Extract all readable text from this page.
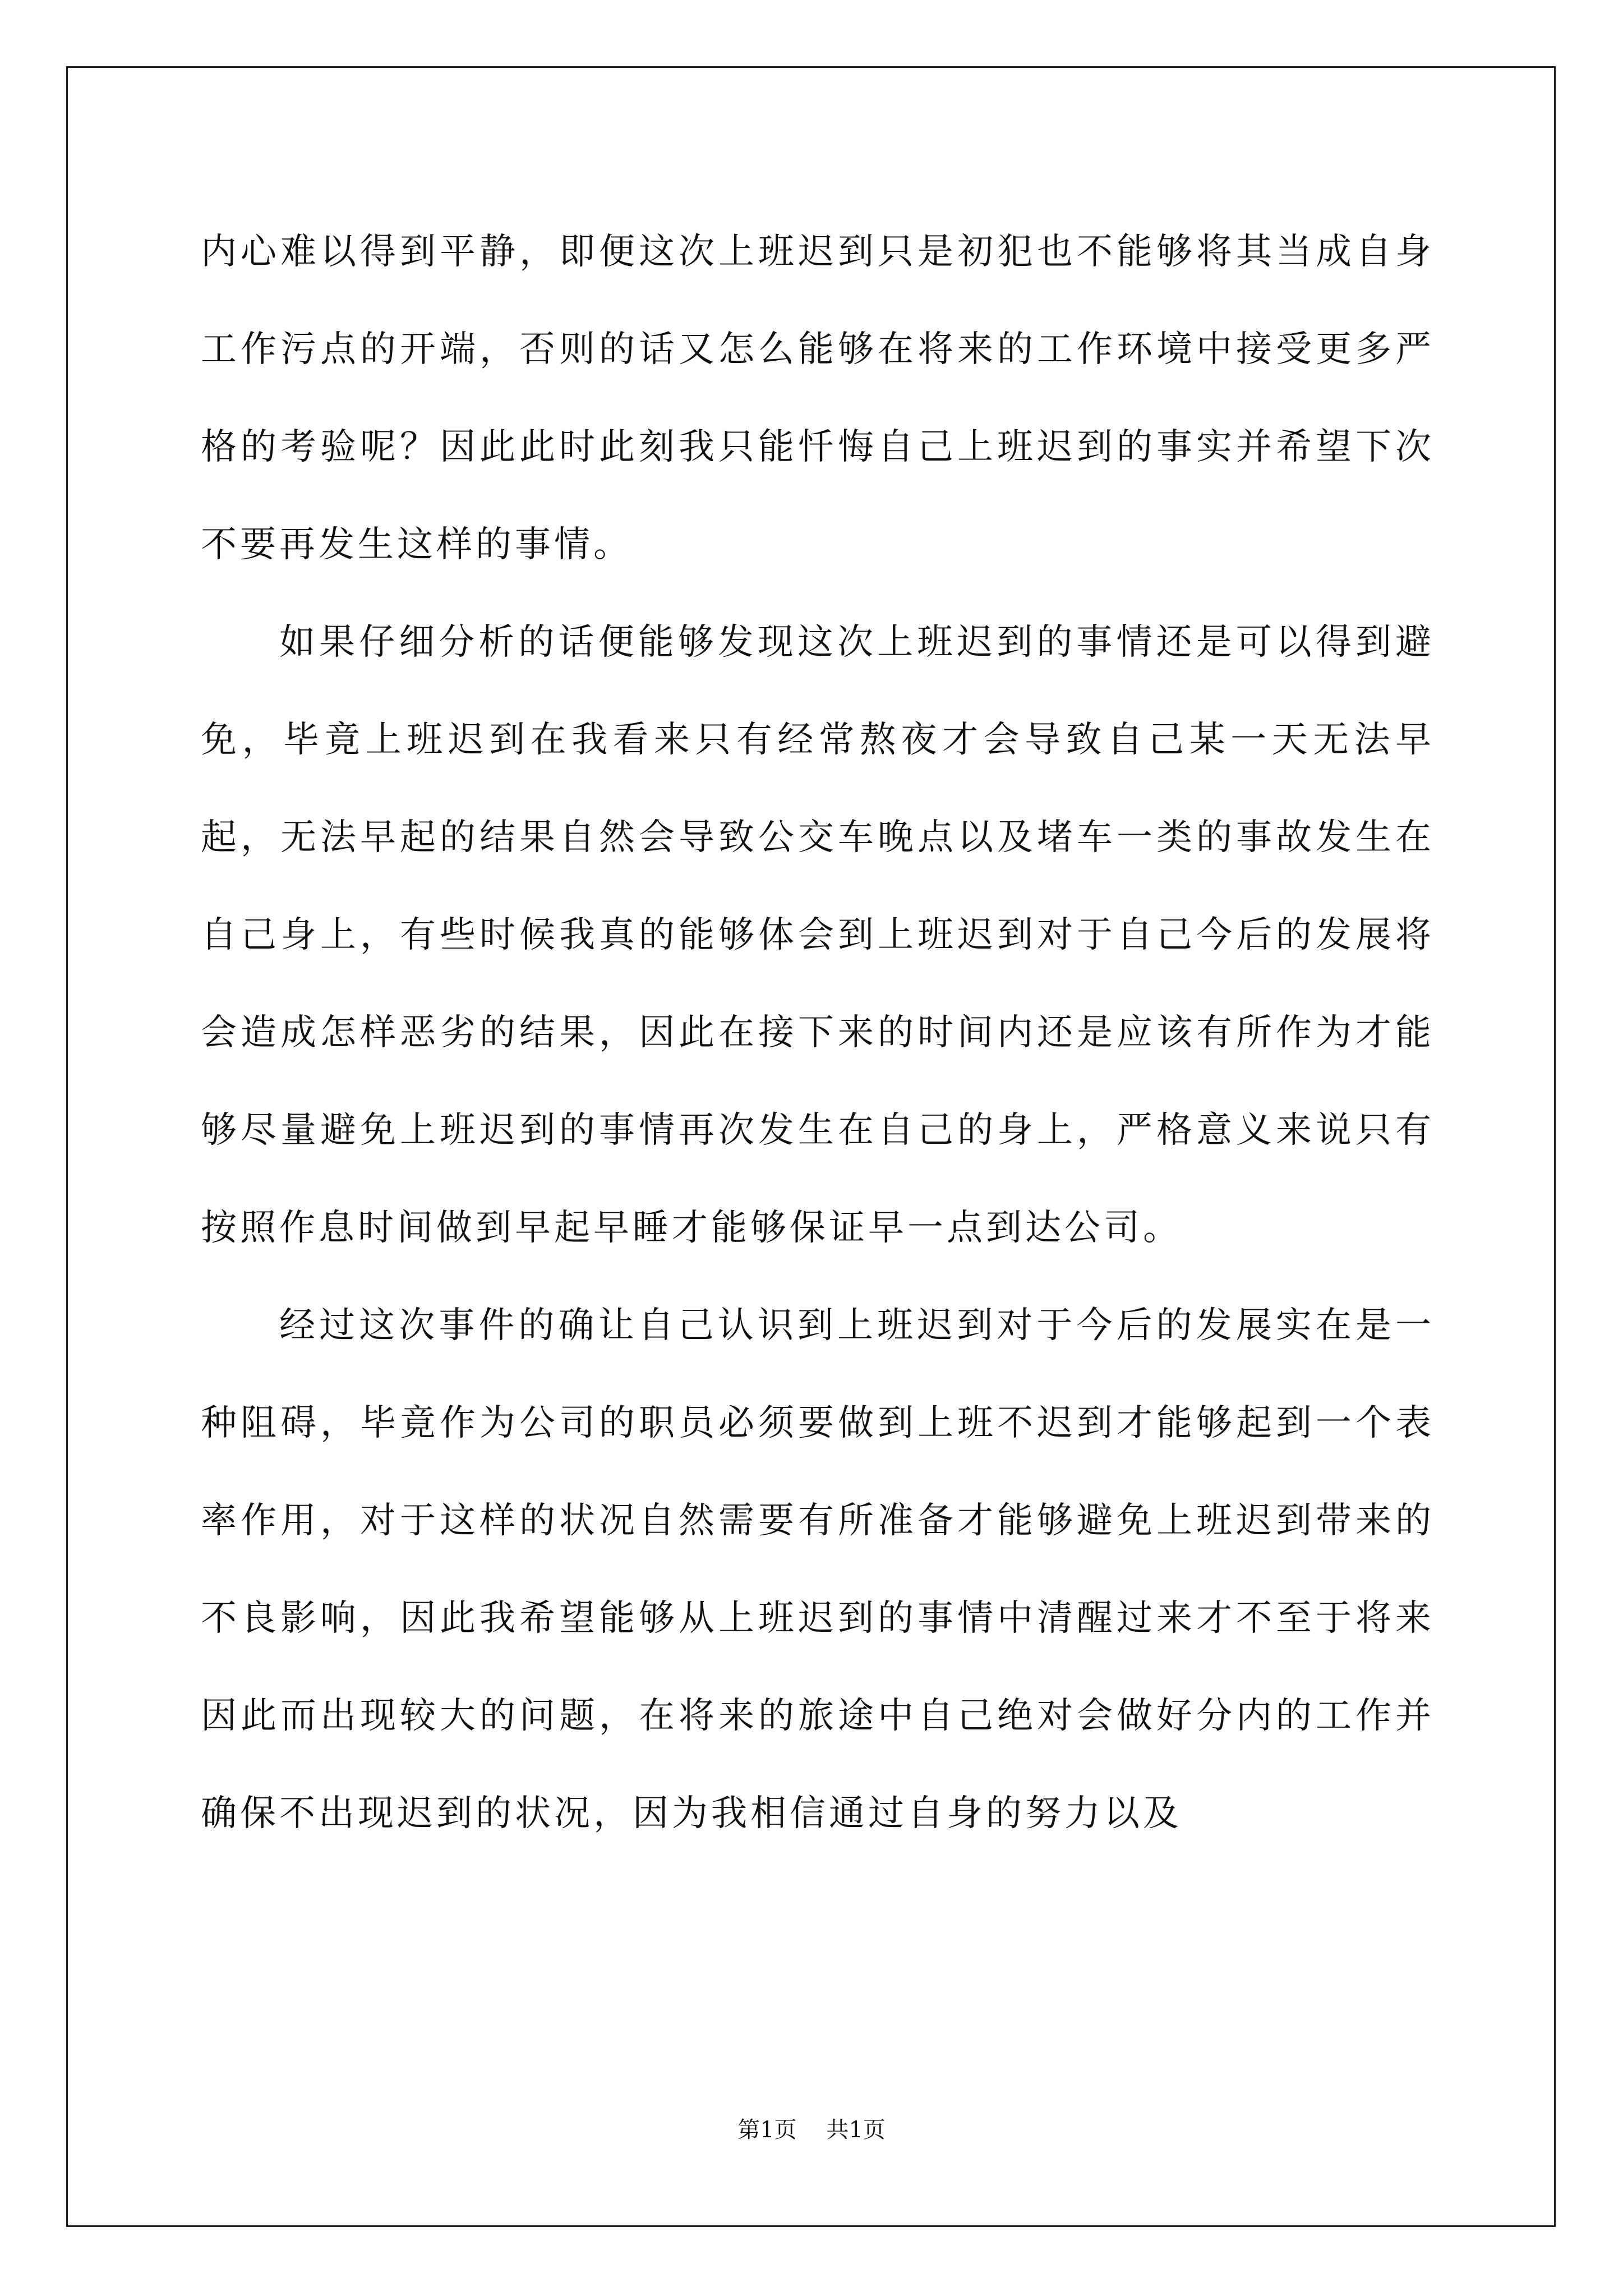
内心难以得到平静，即便这次上班迟到只是初犯也不能够将其当成自身工作污点的开端，否则的话又怎么能够在将来的工作环境中接受更多严格的考验呢？因此此时此刻我只能忏悔自己上班迟到的事实并希望下次不要再发生这样的事情。

如果仔细分析的话便能够发现这次上班迟到的事情还是可以得到避免，毕竟上班迟到在我看来只有经常熬夜才会导致自己某一天无法早起，无法早起的结果自然会导致公交车晚点以及堵车一类的事故发生在自己身上，有些时候我真的能够体会到上班迟到对于自己今后的发展将会造成怎样恶劣的结果，因此在接下来的时间内还是应该有所作为才能够尽量避免上班迟到的事情再次发生在自己的身上，严格意义来说只有按照作息时间做到早起早睡才能够保证早一点到达公司。

经过这次事件的确让自己认识到上班迟到对于今后的发展实在是一种阻碍，毕竟作为公司的职员必须要做到上班不迟到才能够起到一个表率作用，对于这样的状况自然需要有所准备才能够避免上班迟到带来的不良影响，因此我希望能够从上班迟到的事情中清醒过来才不至于将来因此而出现较大的问题，在将来的旅途中自己绝对会做好分内的工作并确保不出现迟到的状况，因为我相信通过自身的努力以及

第1页 共1页
